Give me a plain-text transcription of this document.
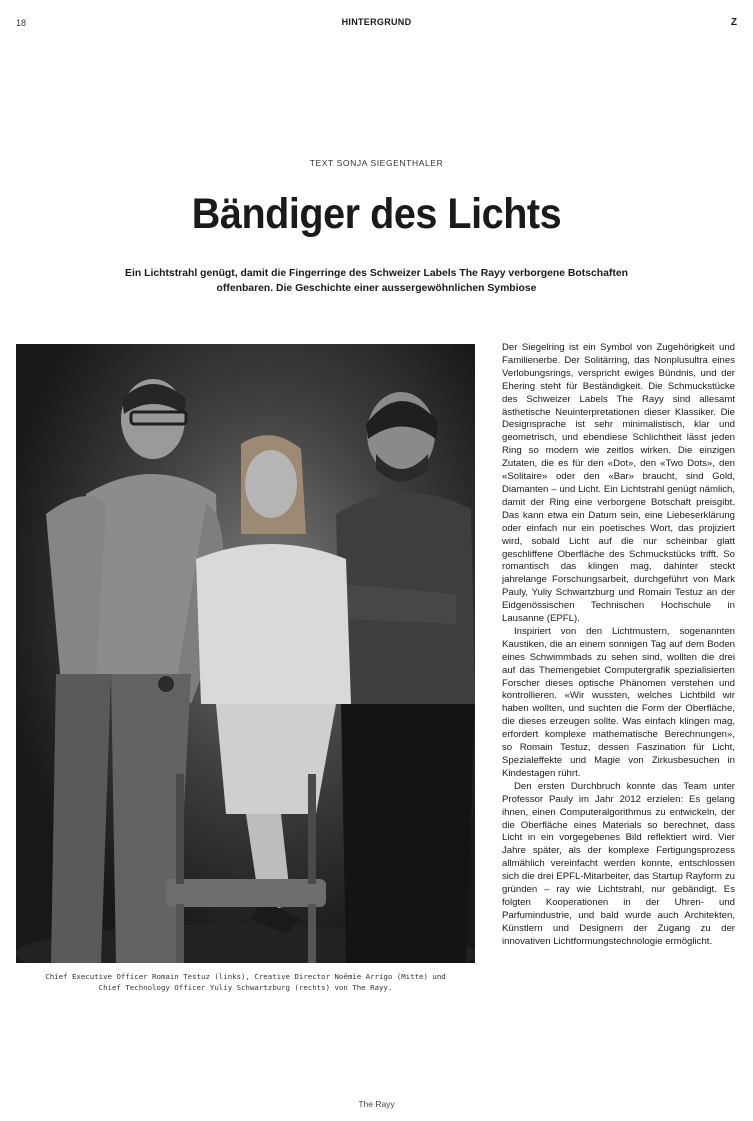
18	HINTERGRUND	Z
TEXT SONJA SIEGENTHALER
Bändiger des Lichts
Ein Lichtstrahl genügt, damit die Fingerringe des Schweizer Labels The Rayy verborgene Botschaften offenbaren. Die Geschichte einer aussergewöhnlichen Symbiose
Chief Executive Officer Romain Testuz (links), Creative Director Noëmie Arrigo (Mitte) und
Chief Technology Officer Yuliy Schwartzburg (rechts) von The Rayy.

Der Siegelring ist ein Symbol von Zugehörigkeit und Familienerbe. Der Solitärring, das Nonplusultra eines Verlobungsrings, verspricht ewiges Bündnis, und der Ehering steht für Beständigkeit. Die Schmuckstücke des Schweizer Labels The Rayy sind allesamt ästhetische Neuinterpretationen dieser Klassiker. Die Designsprache ist sehr minimalistisch, klar und geometrisch, und ebendiese Schlichtheit lässt jeden Ring so modern wie zeitlos wirken. Die einzigen Zutaten, die es für den «Dot», den «Two Dots», den «Solitaire» oder den «Bar» braucht, sind Gold, Diamanten – und Licht. Ein Lichtstrahl genügt nämlich, damit der Ring eine verborgene Botschaft preisgibt. Das kann etwa ein Datum sein, eine Liebeserklärung oder einfach nur ein poetisches Wort, das projiziert wird, sobald Licht auf die nur scheinbar glatt geschliffene Oberfläche des Schmuckstücks trifft. So romantisch das klingen mag, dahinter steckt jahrelange Forschungsarbeit, durchgeführt von Mark Pauly, Yuliy Schwartzburg und Romain Testuz an der Eidgenössischen Technischen Hochschule in Lausanne (EPFL).

Inspiriert von den Lichtmustern, sogenannten Kaustiken, die an einem sonnigen Tag auf dem Boden eines Schwimmbads zu sehen sind, wollten die drei auf das Themengebiet Computergrafik spezialisierten Forscher dieses optische Phänomen verstehen und kontrollieren. «Wir wussten, welches Lichtbild wir haben wollten, und suchten die Form der Oberfläche, die dieses erzeugen sollte. Was einfach klingen mag, erfordert komplexe mathematische Berechnungen», so Romain Testuz, dessen Faszination für Licht, Spezialeffekte und Magie von Zirkusbesuchen in Kindestagen rührt.

Den ersten Durchbruch konnte das Team unter Professor Pauly im Jahr 2012 erzielen: Es gelang ihnen, einen Computeralgorithmus zu entwickeln, der die Oberfläche eines Materials so berechnet, dass Licht in ein vorgegebenes Bild reflektiert wird. Vier Jahre später, als der komplexe Fertigungsprozess allmählich vereinfacht werden konnte, entschlossen sich die drei EPFL-Mitarbeiter, das Startup Rayform zu gründen – ray wie Lichtstrahl, nur gebändigt. Es folgten Kooperationen in der Uhren- und Parfumindustrie, und bald wurde auch Architekten, Künstlern und Designern der Zugang zu der innovativen Lichtformungstechnologie ermöglicht.

The Rayy
